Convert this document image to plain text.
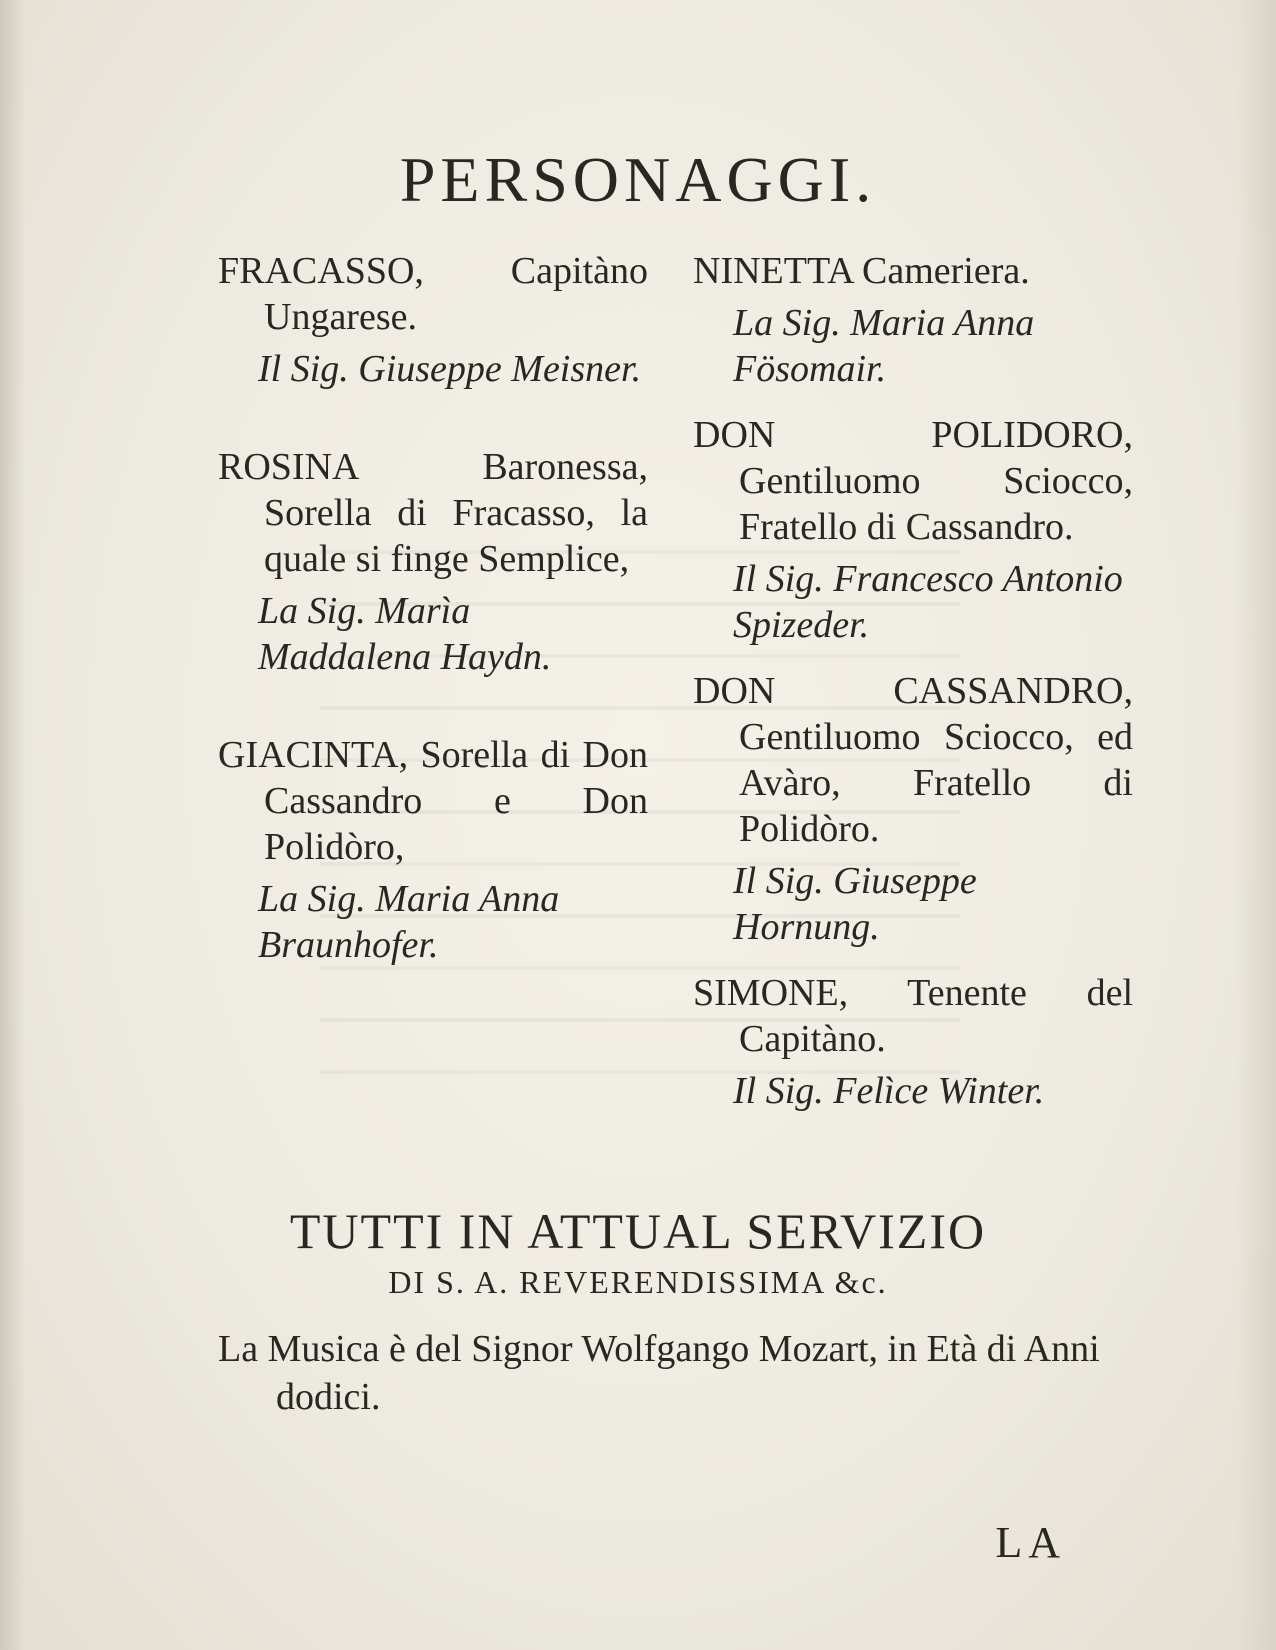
PERSONAGGI.

FRACASSO, Capitàno Ungarese.

Il Sig. Giuseppe Meisner.

ROSINA Baronessa, Sorella di Fracasso, la quale si finge Semplice,

La Sig. Marìa Maddalena Haydn.

GIACINTA, Sorella di Don Cassandro e Don Polidòro,

La Sig. Maria Anna Braunhofer.

NINETTA Cameriera.

La Sig. Maria Anna Fösomair.

DON POLIDORO, Gentiluomo Sciocco, Fratello di Cassandro.

Il Sig. Francesco Antonio Spizeder.

DON CASSANDRO, Gentiluomo Sciocco, ed Avàro, Fratello di Polidòro.

Il Sig. Giuseppe Hornung.

SIMONE, Tenente del Capitàno.

Il Sig. Felìce Winter.

TUTTI IN ATTUAL SERVIZIO
DI S. A. REVERENDISSIMA &c.

La Musica è del Signor Wolfgango Mozart, in Età di Anni dodici.

LA
